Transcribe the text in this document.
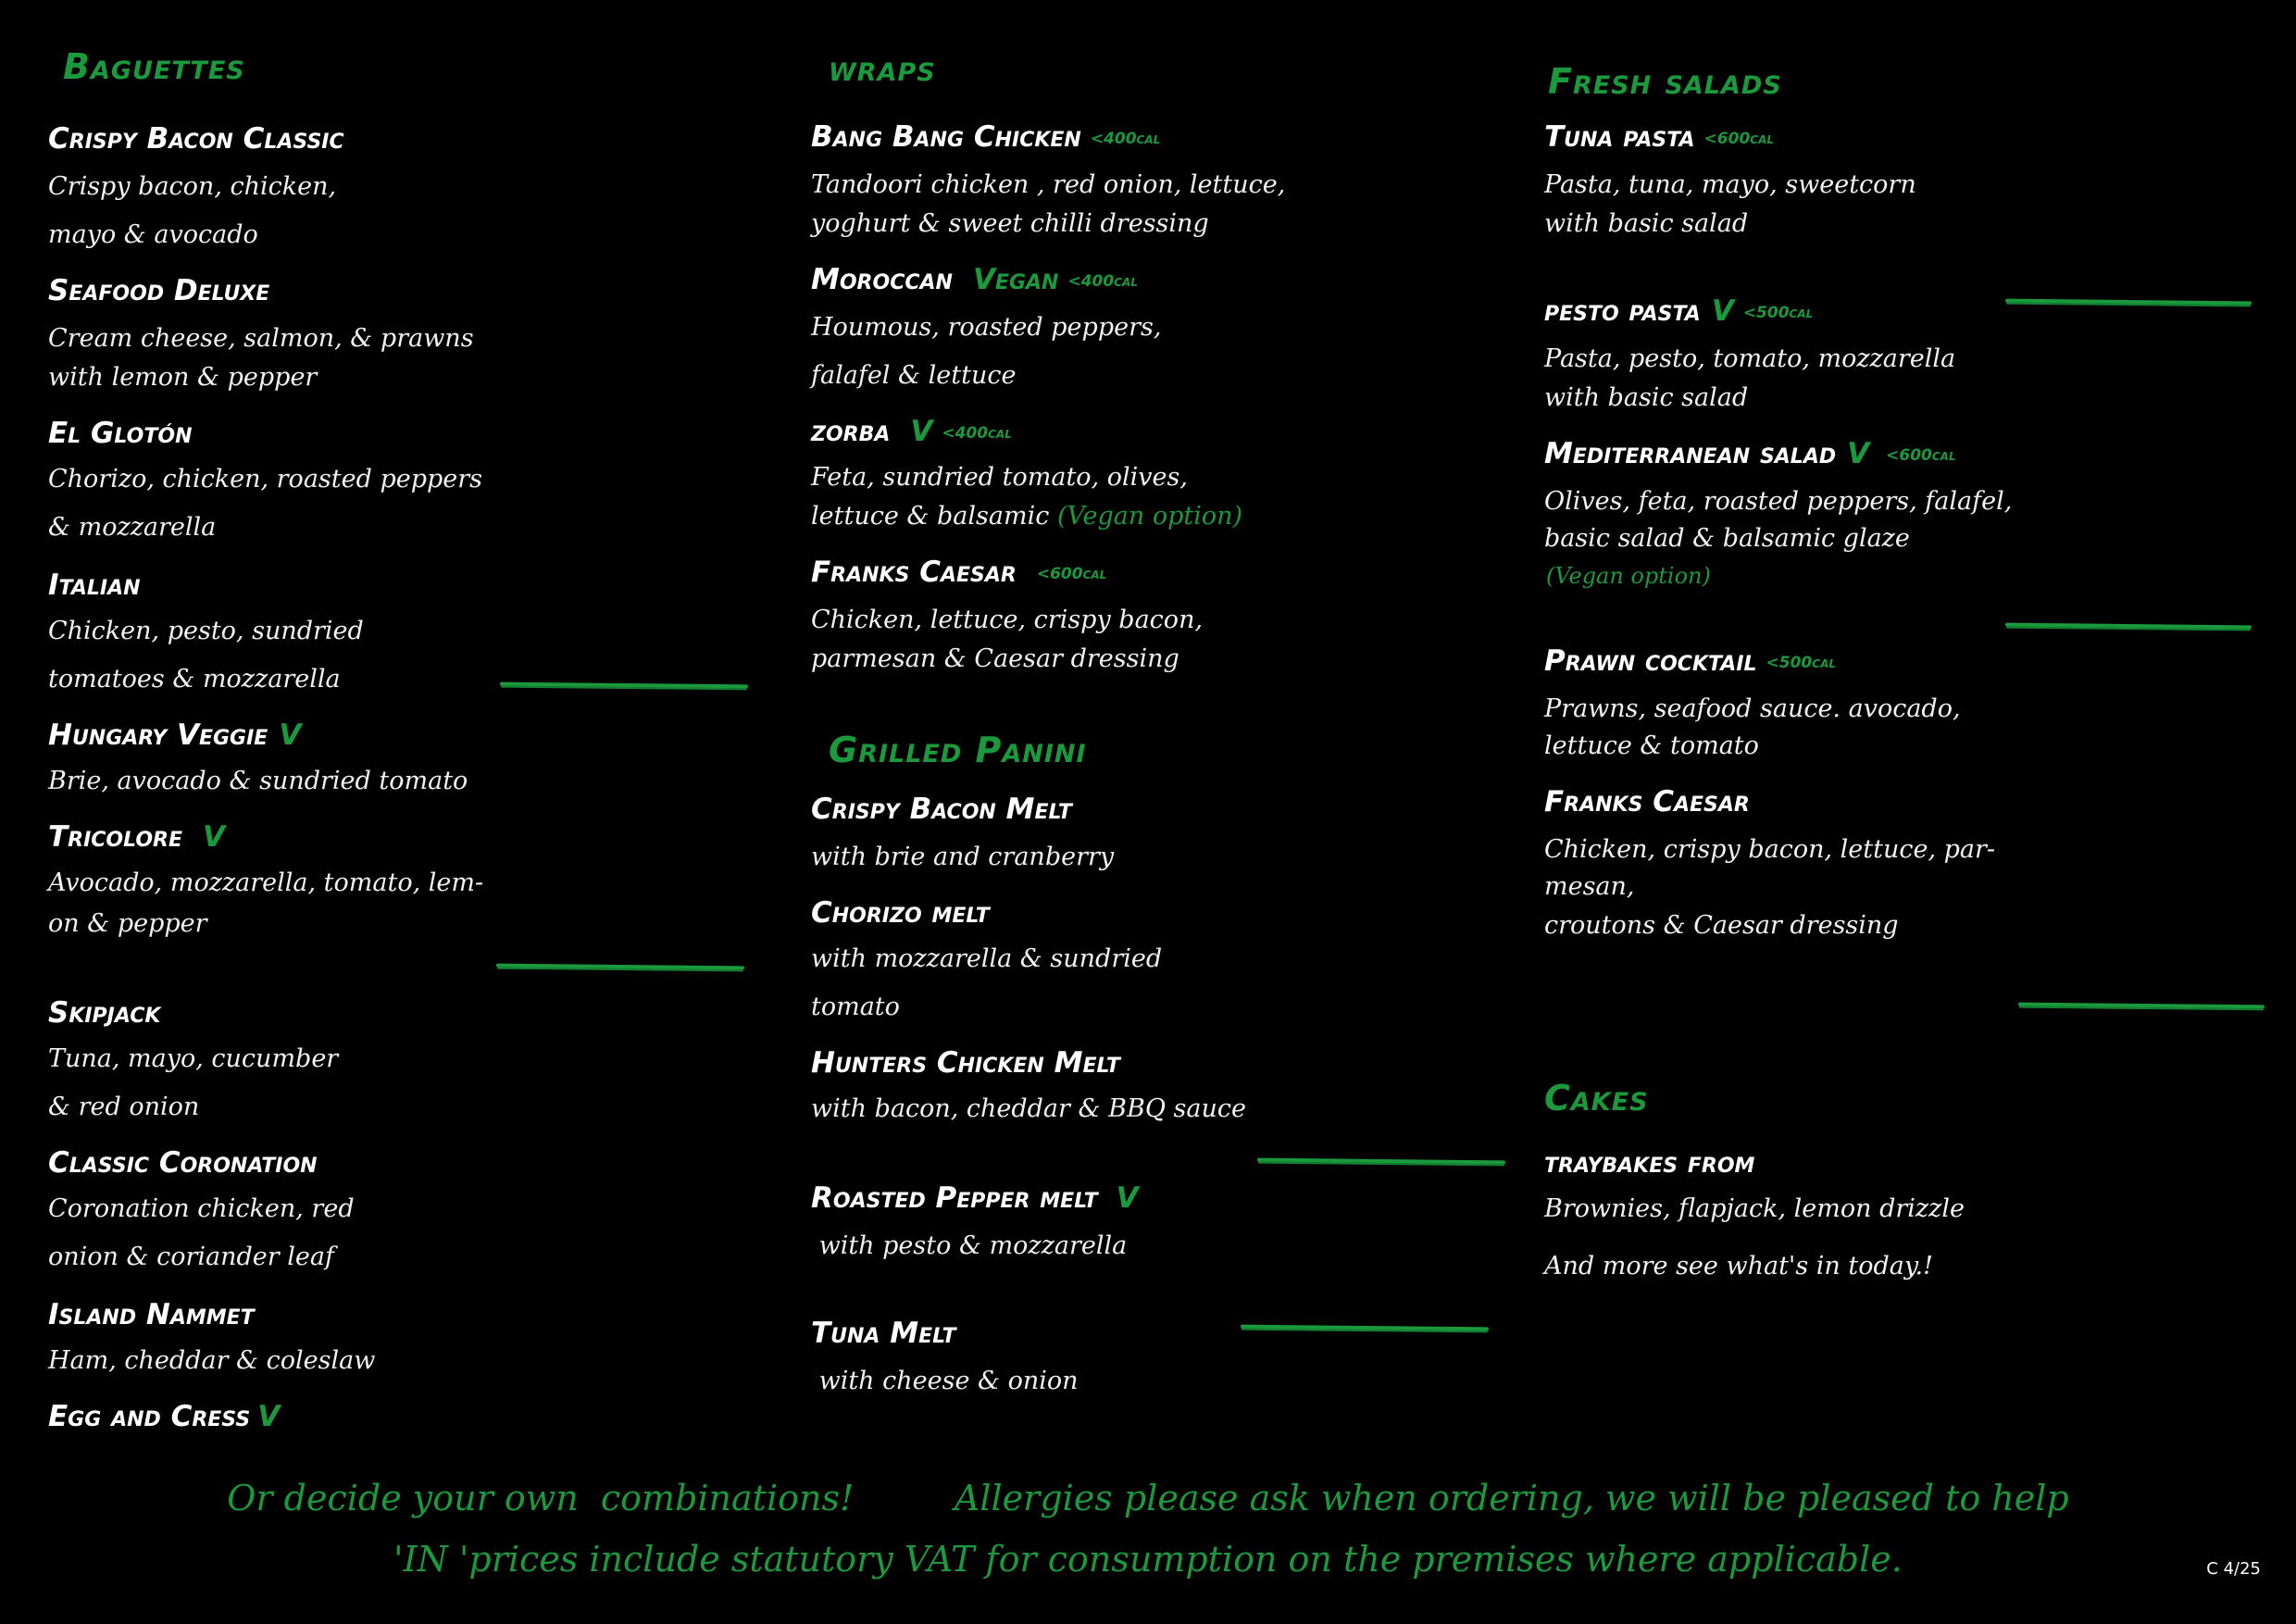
Baguettes
Crispy Bacon Classic
Crispy bacon, chicken,
mayo & avocado
Seafood Deluxe
Cream cheese, salmon, & prawns
with lemon & pepper
El Glotón
Chorizo, chicken, roasted peppers
& mozzarella
Italian
Chicken, pesto, sundried
tomatoes & mozzarella
Hungary Veggie V
Brie, avocado & sundried tomato
Tricolore V
Avocado, mozzarella, tomato, lem-
on & pepper
Skipjack
Tuna, mayo, cucumber
& red onion
Classic Coronation
Coronation chicken, red
onion & coriander leaf
Island Nammet
Ham, cheddar & coleslaw
Egg and Cress V
wraps
Bang Bang Chicken <400cal
Tandoori chicken , red onion, lettuce,
yoghurt & sweet chilli dressing
Moroccan Vegan <400cal
Houmous, roasted peppers,
falafel & lettuce
zorba V <400cal
Feta, sundried tomato, olives,
lettuce & balsamic (Vegan option)
Franks Caesar <600cal
Chicken, lettuce, crispy bacon,
parmesan & Caesar dressing
Grilled Panini
Crispy Bacon Melt
with brie and cranberry
Chorizo melt
with mozzarella & sundried
tomato
Hunters Chicken Melt
with bacon, cheddar & BBQ sauce
Roasted Pepper melt V
with pesto & mozzarella
Tuna Melt
with cheese & onion
Fresh salads
Tuna pasta <600cal
Pasta, tuna, mayo, sweetcorn
with basic salad
pesto pasta V <500cal
Pasta, pesto, tomato, mozzarella
with basic salad
Mediterranean salad V <600cal
Olives, feta, roasted peppers, falafel,
basic salad & balsamic glaze
(Vegan option)
Prawn cocktail <500cal
Prawns, seafood sauce. avocado,
lettuce & tomato
Franks Caesar
Chicken, crispy bacon, lettuce, par-
mesan,
croutons & Caesar dressing
Cakes
traybakes from
Brownies, flapjack, lemon drizzle
And more see what's in today.!
Or decide your own  combinations!         Allergies please ask when ordering, we will be pleased to help
'IN 'prices include statutory VAT for consumption on the premises where applicable.	C 4/25
